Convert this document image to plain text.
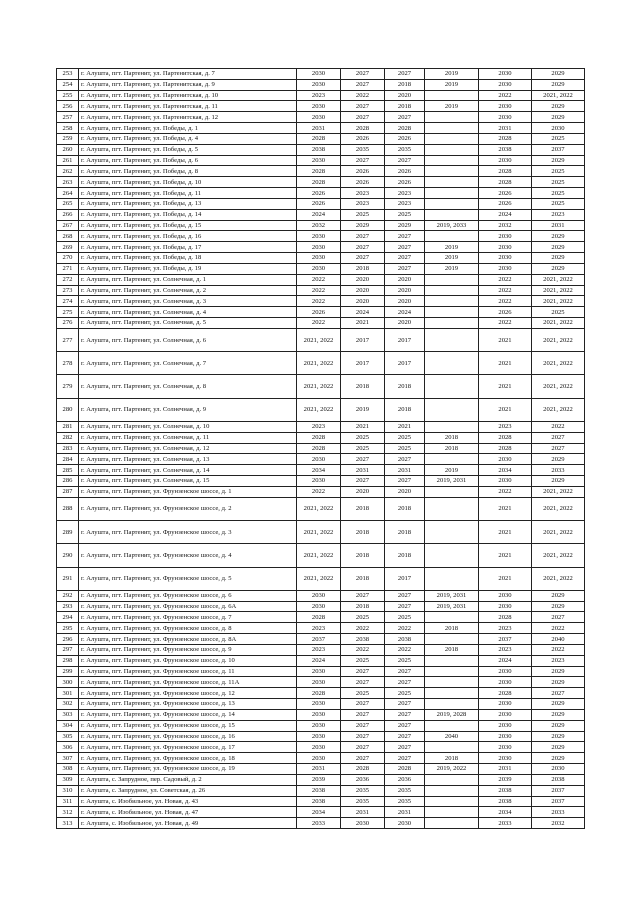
253	г. Алушта, пгт. Партенит, ул. Партенитская, д. 7	2030	2027	2027	2019	2030	2029
254	г. Алушта, пгт. Партенит, ул. Партенитская, д. 9	2030	2027	2018	2019	2030	2029
255	г. Алушта, пгт. Партенит, ул. Партенитская, д. 10	2023	2022	2020		2022	2021, 2022
256	г. Алушта, пгт. Партенит, ул. Партенитская, д. 11	2030	2027	2018	2019	2030	2029
257	г. Алушта, пгт. Партенит, ул. Партенитская, д. 12	2030	2027	2027		2030	2029
258	г. Алушта, пгт. Партенит, ул. Победы, д. 1	2031	2028	2028		2031	2030
259	г. Алушта, пгт. Партенит, ул. Победы, д. 4	2028	2026	2026		2028	2025
260	г. Алушта, пгт. Партенит, ул. Победы, д. 5	2038	2035	2035		2038	2037
261	г. Алушта, пгт. Партенит, ул. Победы, д. 6	2030	2027	2027		2030	2029
262	г. Алушта, пгт. Партенит, ул. Победы, д. 8	2028	2026	2026		2028	2025
263	г. Алушта, пгт. Партенит, ул. Победы, д. 10	2028	2026	2026		2028	2025
264	г. Алушта, пгт. Партенит, ул. Победы, д. 11	2026	2023	2023		2026	2025
265	г. Алушта, пгт. Партенит, ул. Победы, д. 13	2026	2023	2023		2026	2025
266	г. Алушта, пгт. Партенит, ул. Победы, д. 14	2024	2025	2025		2024	2023
267	г. Алушта, пгт. Партенит, ул. Победы, д. 15	2032	2029	2029	2019, 2033	2032	2031
268	г. Алушта, пгт. Партенит, ул. Победы, д. 16	2030	2027	2027		2030	2029
269	г. Алушта, пгт. Партенит, ул. Победы, д. 17	2030	2027	2027	2019	2030	2029
270	г. Алушта, пгт. Партенит, ул. Победы, д. 18	2030	2027	2027	2019	2030	2029
271	г. Алушта, пгт. Партенит, ул. Победы, д. 19	2030	2018	2027	2019	2030	2029
272	г. Алушта, пгт. Партенит, ул. Солнечная, д. 1	2022	2020	2020		2022	2021, 2022
273	г. Алушта, пгт. Партенит, ул. Солнечная, д. 2	2022	2020	2020		2022	2021, 2022
274	г. Алушта, пгт. Партенит, ул. Солнечная, д. 3	2022	2020	2020		2022	2021, 2022
275	г. Алушта, пгт. Партенит, ул. Солнечная, д. 4	2026	2024	2024		2026	2025
276	г. Алушта, пгт. Партенит, ул. Солнечная, д. 5	2022	2021	2020		2022	2021, 2022
277	г. Алушта, пгт. Партенит, ул. Солнечная, д. 6	2021, 2022	2017	2017		2021	2021, 2022
278	г. Алушта, пгт. Партенит, ул. Солнечная, д. 7	2021, 2022	2017	2017		2021	2021, 2022
279	г. Алушта, пгт. Партенит, ул. Солнечная, д. 8	2021, 2022	2018	2018		2021	2021, 2022
280	г. Алушта, пгт. Партенит, ул. Солнечная, д. 9	2021, 2022	2019	2018		2021	2021, 2022
281	г. Алушта, пгт. Партенит, ул. Солнечная, д. 10	2023	2021	2021		2023	2022
282	г. Алушта, пгт. Партенит, ул. Солнечная, д. 11	2028	2025	2025	2018	2028	2027
283	г. Алушта, пгт. Партенит, ул. Солнечная, д. 12	2028	2025	2025	2018	2028	2027
284	г. Алушта, пгт. Партенит, ул. Солнечная, д. 13	2030	2027	2027		2030	2029
285	г. Алушта, пгт. Партенит, ул. Солнечная, д. 14	2034	2031	2031	2019	2034	2033
286	г. Алушта, пгт. Партенит, ул. Солнечная, д. 15	2030	2027	2027	2019, 2031	2030	2029
287	г. Алушта, пгт. Партенит, ул. Фрунзенское шоссе, д. 1	2022	2020	2020		2022	2021, 2022
288	г. Алушта, пгт. Партенит, ул. Фрунзенское шоссе, д. 2	2021, 2022	2018	2018		2021	2021, 2022
289	г. Алушта, пгт. Партенит, ул. Фрунзенское шоссе, д. 3	2021, 2022	2018	2018		2021	2021, 2022
290	г. Алушта, пгт. Партенит, ул. Фрунзенское шоссе, д. 4	2021, 2022	2018	2018		2021	2021, 2022
291	г. Алушта, пгт. Партенит, ул. Фрунзенское шоссе, д. 5	2021, 2022	2018	2017		2021	2021, 2022
292	г. Алушта, пгт. Партенит, ул. Фрунзенское шоссе, д. 6	2030	2027	2027	2019, 2031	2030	2029
293	г. Алушта, пгт. Партенит, ул. Фрунзенское шоссе, д. 6А	2030	2018	2027	2019, 2031	2030	2029
294	г. Алушта, пгт. Партенит, ул. Фрунзенское шоссе, д. 7	2028	2025	2025		2028	2027
295	г. Алушта, пгт. Партенит, ул. Фрунзенское шоссе, д. 8	2023	2022	2022	2018	2023	2022
296	г. Алушта, пгт. Партенит, ул. Фрунзенское шоссе, д. 8А	2037	2038	2038		2037	2040
297	г. Алушта, пгт. Партенит, ул. Фрунзенское шоссе, д. 9	2023	2022	2022	2018	2023	2022
298	г. Алушта, пгт. Партенит, ул. Фрунзенское шоссе, д. 10	2024	2025	2025		2024	2023
299	г. Алушта, пгт. Партенит, ул. Фрунзенское шоссе, д. 11	2030	2027	2027		2030	2029
300	г. Алушта, пгт. Партенит, ул. Фрунзенское шоссе, д. 11А	2030	2027	2027		2030	2029
301	г. Алушта, пгт. Партенит, ул. Фрунзенское шоссе, д. 12	2028	2025	2025		2028	2027
302	г. Алушта, пгт. Партенит, ул. Фрунзенское шоссе, д. 13	2030	2027	2027		2030	2029
303	г. Алушта, пгт. Партенит, ул. Фрунзенское шоссе, д. 14	2030	2027	2027	2019, 2028	2030	2029
304	г. Алушта, пгт. Партенит, ул. Фрунзенское шоссе, д. 15	2030	2027	2027		2030	2029
305	г. Алушта, пгт. Партенит, ул. Фрунзенское шоссе, д. 16	2030	2027	2027	2040	2030	2029
306	г. Алушта, пгт. Партенит, ул. Фрунзенское шоссе, д. 17	2030	2027	2027		2030	2029
307	г. Алушта, пгт. Партенит, ул. Фрунзенское шоссе, д. 18	2030	2027	2027	2018	2030	2029
308	г. Алушта, пгт. Партенит, ул. Фрунзенское шоссе, д. 19	2031	2028	2028	2019, 2022	2031	2030
309	г. Алушта, с. Запрудное, пер. Садовый, д. 2	2039	2036	2036		2039	2038
310	г. Алушта, с. Запрудное, ул. Советская, д. 26	2038	2035	2035		2038	2037
311	г. Алушта, с. Изобильное, ул. Новая, д. 43	2038	2035	2035		2038	2037
312	г. Алушта, с. Изобильное, ул. Новая, д. 47	2034	2031	2031		2034	2033
313	г. Алушта, с. Изобильное, ул. Новая, д. 49	2033	2030	2030		2033	2032
